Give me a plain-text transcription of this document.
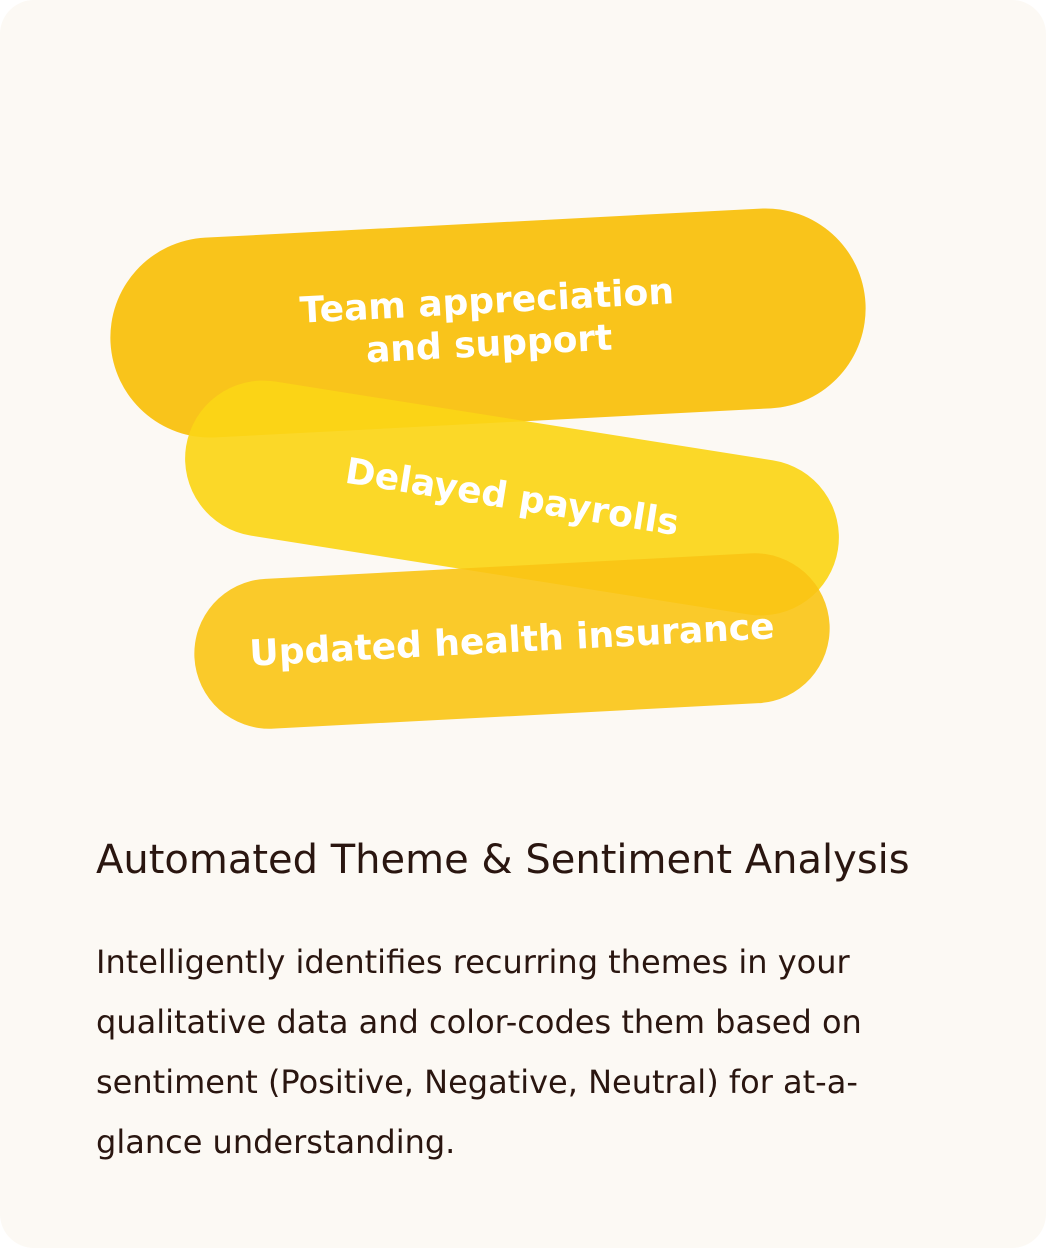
Team appreciation and support
Delayed payrolls
Updated health insurance
Automated Theme & Sentiment Analysis

Intelligently identifies recurring themes in your qualitative data and color-codes them based on sentiment (Positive, Negative, Neutral) for at-a-glance understanding.
